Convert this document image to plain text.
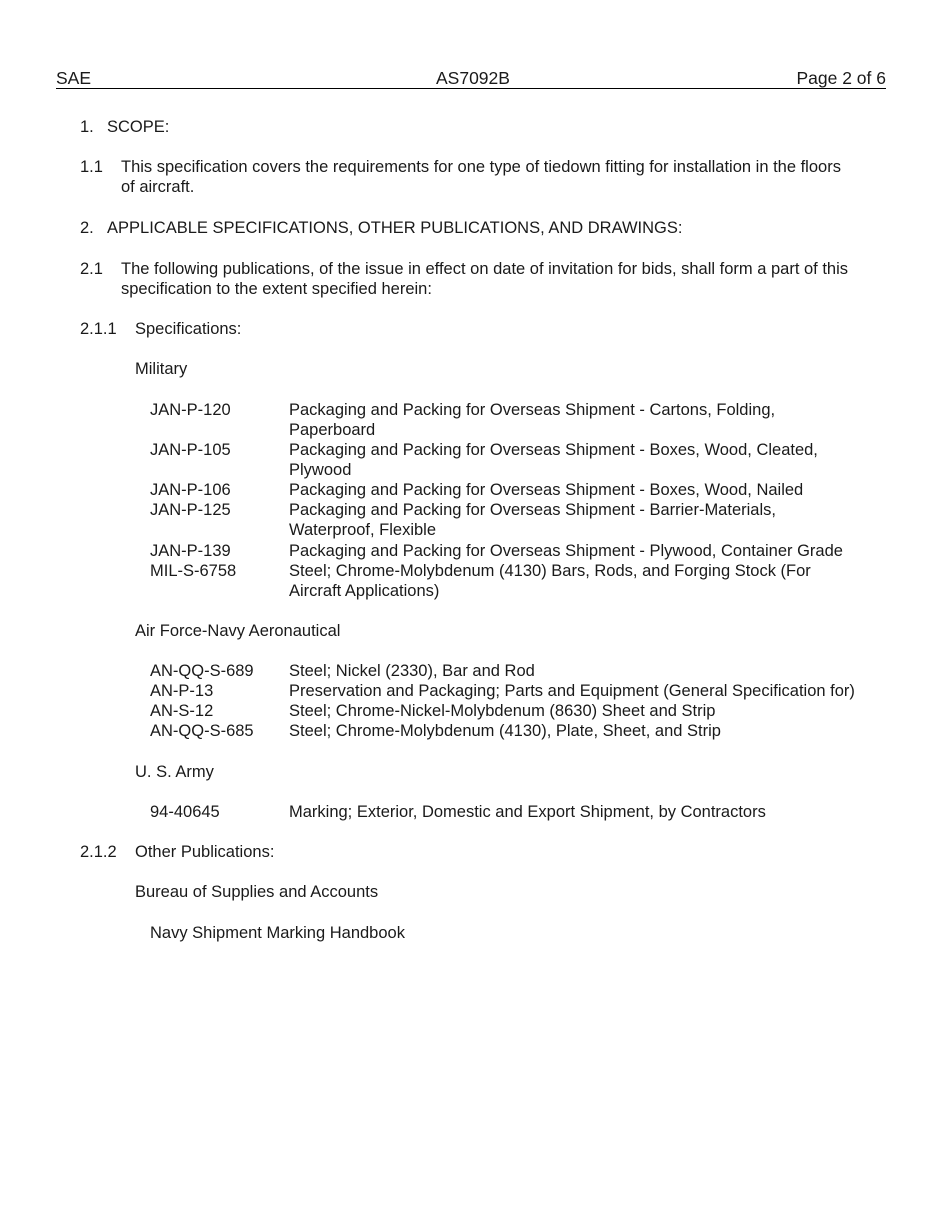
SAE	AS7092B	Page 2 of 6
1. SCOPE:
1.1 This specification covers the requirements for one type of tiedown fitting for installation in the floors
of aircraft.
2. APPLICABLE SPECIFICATIONS, OTHER PUBLICATIONS, AND DRAWINGS:
2.1 The following publications, of the issue in effect on date of invitation for bids, shall form a part of this
specification to the extent specified herein:
2.1.1 Specifications:
Military
JAN-P-120	Packaging and Packing for Overseas Shipment - Cartons, Folding,
Paperboard
JAN-P-105	Packaging and Packing for Overseas Shipment - Boxes, Wood, Cleated,
Plywood
JAN-P-106	Packaging and Packing for Overseas Shipment - Boxes, Wood, Nailed
JAN-P-125	Packaging and Packing for Overseas Shipment - Barrier-Materials,
Waterproof, Flexible
JAN-P-139	Packaging and Packing for Overseas Shipment - Plywood, Container Grade
MIL-S-6758	Steel; Chrome-Molybdenum (4130) Bars, Rods, and Forging Stock (For
Aircraft Applications)
Air Force-Navy Aeronautical
AN-QQ-S-689 Steel; Nickel (2330), Bar and Rod
AN-P-13	Preservation and Packaging; Parts and Equipment (General Specification for)
AN-S-12	Steel; Chrome-Nickel-Molybdenum (8630) Sheet and Strip
AN-QQ-S-685 Steel; Chrome-Molybdenum (4130), Plate, Sheet, and Strip
U. S. Army
94-40645	Marking; Exterior, Domestic and Export Shipment, by Contractors
2.1.2 Other Publications:
Bureau of Supplies and Accounts
Navy Shipment Marking Handbook
